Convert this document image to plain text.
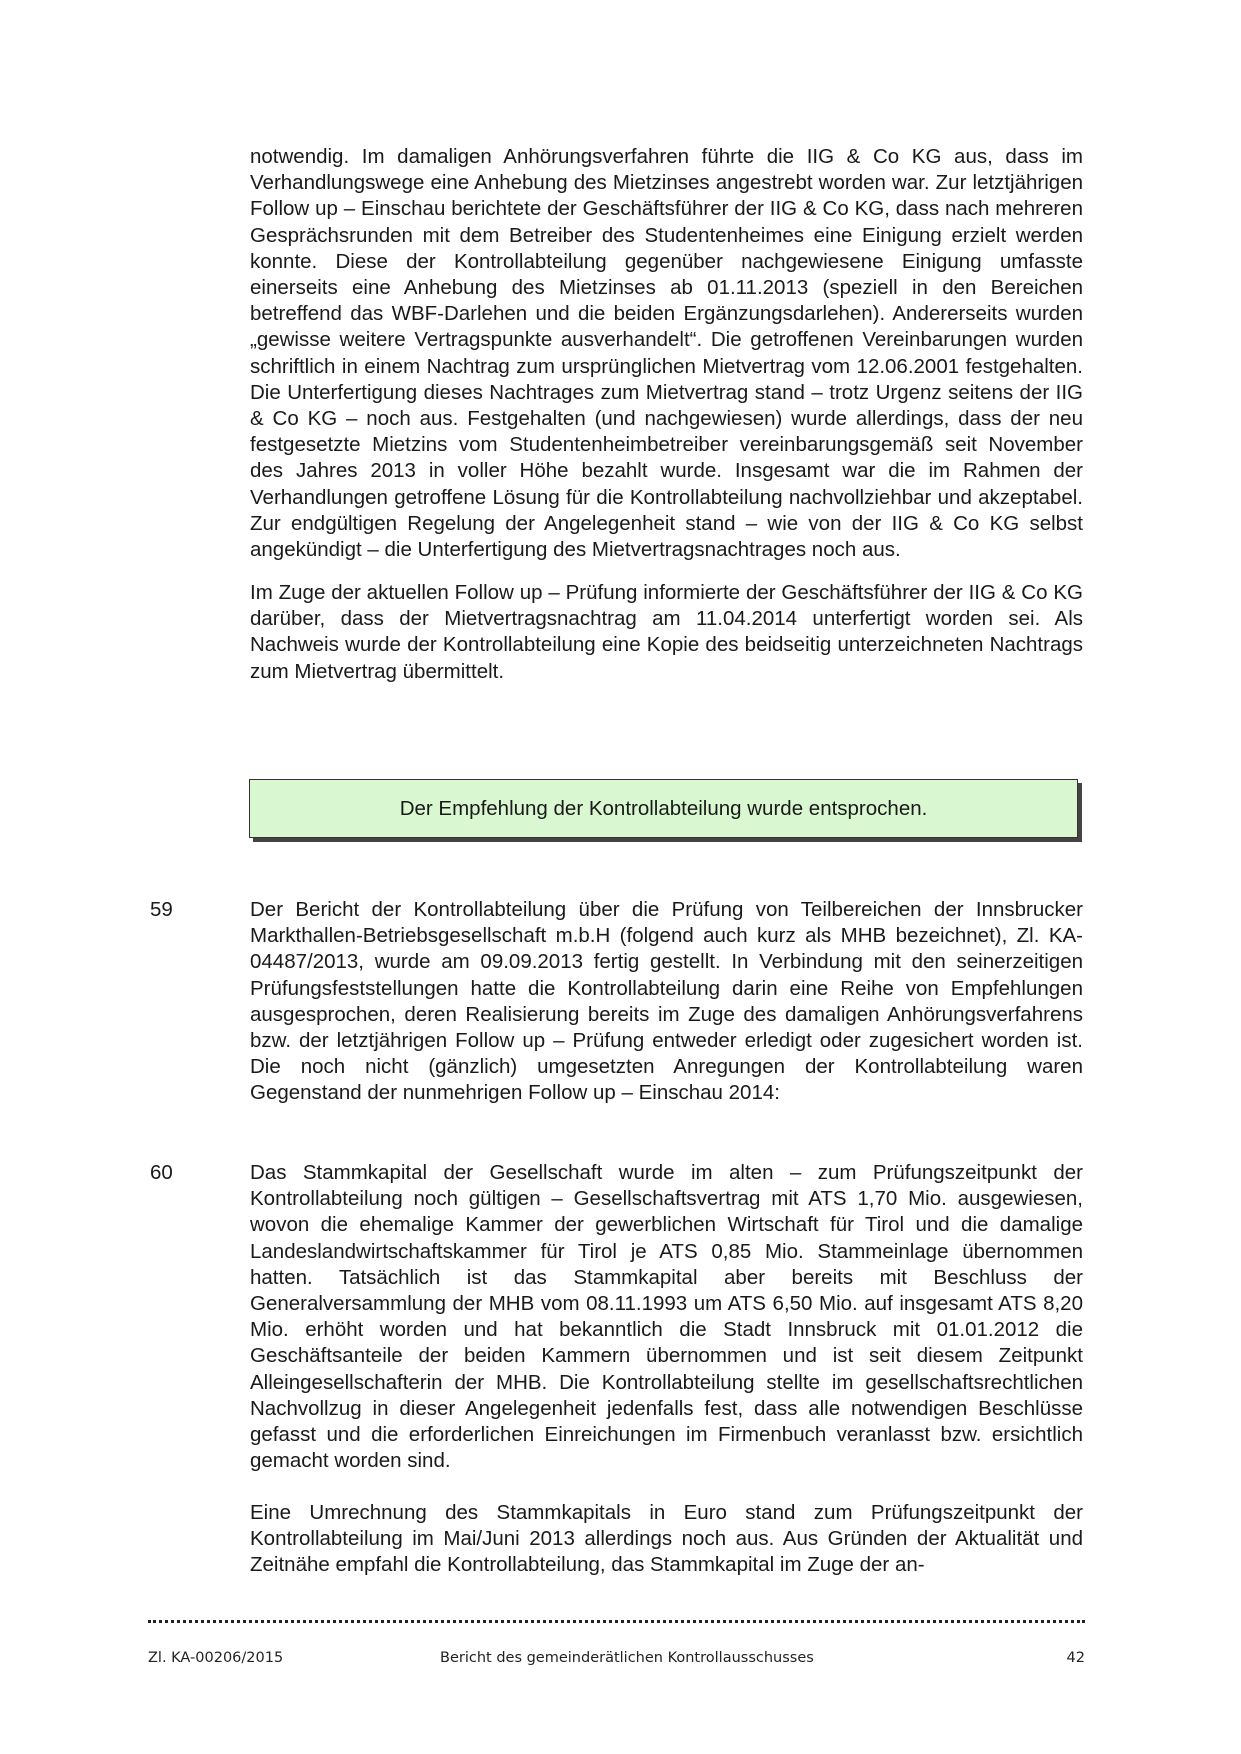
notwendig. Im damaligen Anhörungsverfahren führte die IIG & Co KG aus, dass im Verhandlungswege eine Anhebung des Mietzinses angestrebt worden war. Zur letztjährigen Follow up – Einschau berichtete der Geschäftsführer der IIG & Co KG, dass nach mehreren Gesprächsrunden mit dem Betreiber des Studentenheimes eine Einigung erzielt werden konnte. Diese der Kontrollabteilung gegenüber nachgewiesene Einigung umfasste einerseits eine Anhebung des Mietzinses ab 01.11.2013 (speziell in den Bereichen betreffend das WBF-Darlehen und die beiden Ergänzungsdarlehen). Andererseits wurden „gewisse weitere Vertragspunkte ausverhandelt“. Die getroffenen Vereinbarungen wurden schriftlich in einem Nachtrag zum ursprünglichen Mietvertrag vom 12.06.2001 festgehalten. Die Unterfertigung dieses Nachtrages zum Mietvertrag stand – trotz Urgenz seitens der IIG & Co KG – noch aus. Festgehalten (und nachgewiesen) wurde allerdings, dass der neu festgesetzte Mietzins vom Studentenheimbetreiber vereinbarungsgemäß seit November des Jahres 2013 in voller Höhe bezahlt wurde. Insgesamt war die im Rahmen der Verhandlungen getroffene Lösung für die Kontrollabteilung nachvollziehbar und akzeptabel. Zur endgültigen Regelung der Angelegenheit stand – wie von der IIG & Co KG selbst angekündigt – die Unterfertigung des Mietvertragsnachtrages noch aus.

Im Zuge der aktuellen Follow up – Prüfung informierte der Geschäftsführer der IIG & Co KG darüber, dass der Mietvertragsnachtrag am 11.04.2014 unterfertigt worden sei. Als Nachweis wurde der Kontrollabteilung eine Kopie des beidseitig unterzeichneten Nachtrags zum Mietvertrag übermittelt.

Der Empfehlung der Kontrollabteilung wurde entsprochen.
59	Der Bericht der Kontrollabteilung über die Prüfung von Teilbereichen der Innsbrucker Markthallen-Betriebsgesellschaft m.b.H (folgend auch kurz als MHB bezeichnet), Zl. KA-04487/2013, wurde am 09.09.2013 fertig gestellt. In Verbindung mit den seinerzeitigen Prüfungsfeststellungen hatte die Kontrollabteilung darin eine Reihe von Empfehlungen ausgesprochen, deren Realisierung bereits im Zuge des damaligen Anhörungsverfahrens bzw. der letztjährigen Follow up – Prüfung entweder erledigt oder zugesichert worden ist. Die noch nicht (gänzlich) umgesetzten Anregungen der Kontrollabteilung waren Gegenstand der nunmehrigen Follow up – Einschau 2014:

60	Das Stammkapital der Gesellschaft wurde im alten – zum Prüfungszeitpunkt der Kontrollabteilung noch gültigen – Gesellschaftsvertrag mit ATS 1,70 Mio. ausgewiesen, wovon die ehemalige Kammer der gewerblichen Wirtschaft für Tirol und die damalige Landeslandwirtschaftskammer für Tirol je ATS 0,85 Mio. Stammeinlage übernommen hatten. Tatsächlich ist das Stammkapital aber bereits mit Beschluss der Generalversammlung der MHB vom 08.11.1993 um ATS 6,50 Mio. auf insgesamt ATS 8,20 Mio. erhöht worden und hat bekanntlich die Stadt Innsbruck mit 01.01.2012 die Geschäftsanteile der beiden Kammern übernommen und ist seit diesem Zeitpunkt Alleingesellschafterin der MHB. Die Kontrollabteilung stellte im gesellschaftsrechtlichen Nachvollzug in dieser Angelegenheit jedenfalls fest, dass alle notwendigen Beschlüsse gefasst und die erforderlichen Einreichungen im Firmenbuch veranlasst bzw. ersichtlich gemacht worden sind.

Eine Umrechnung des Stammkapitals in Euro stand zum Prüfungszeitpunkt der Kontrollabteilung im Mai/Juni 2013 allerdings noch aus. Aus Gründen der Aktualität und Zeitnähe empfahl die Kontrollabteilung, das Stammkapital im Zuge der an-

Zl. KA-00206/2015	Bericht des gemeinderätlichen Kontrollausschusses	42
